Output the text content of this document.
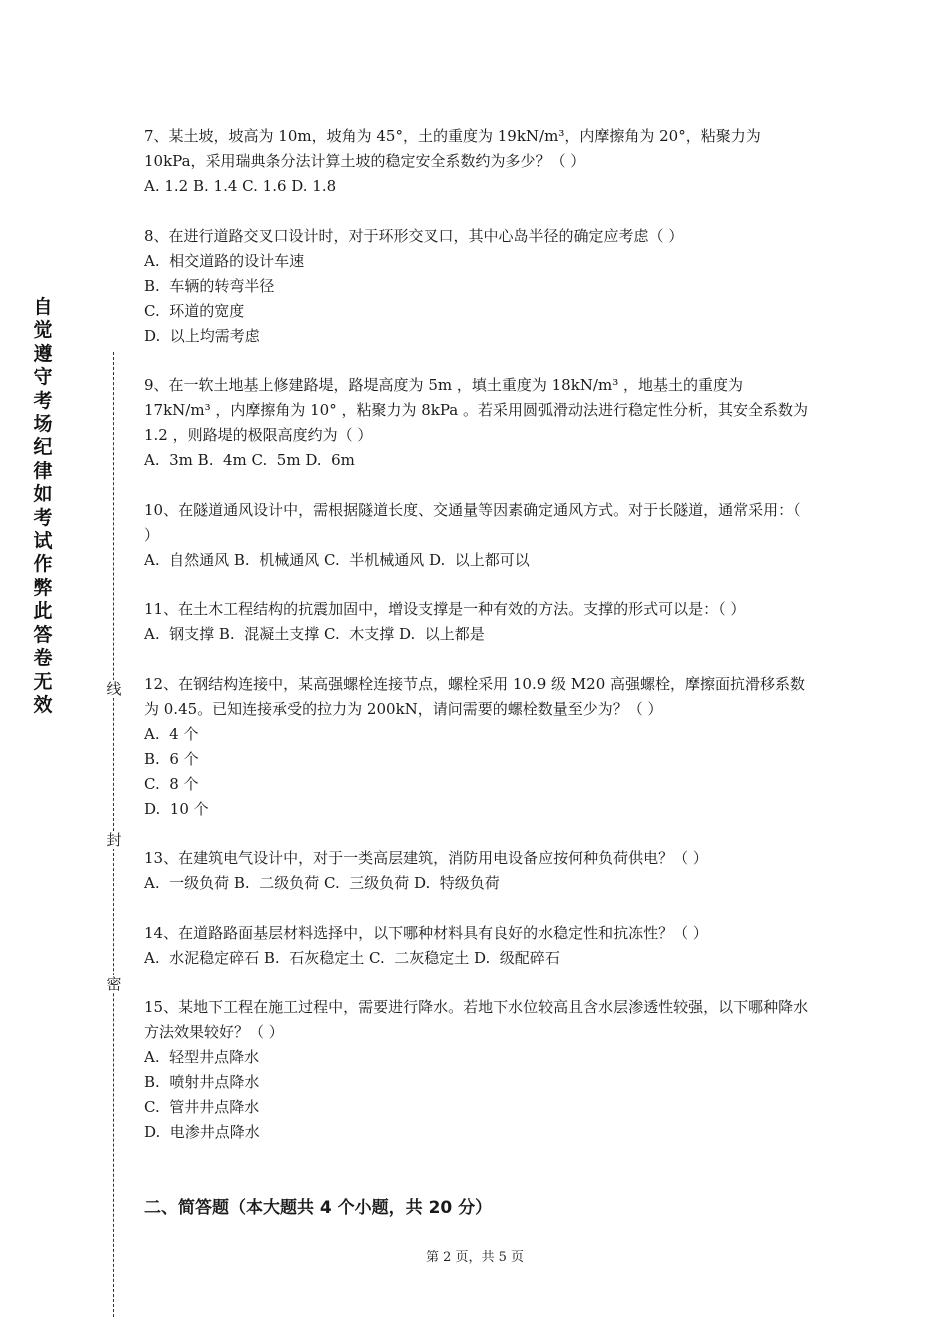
自觉遵守考场纪律如考试作弊此答卷无效
线
封
密

7、某土坡，坡高为 10m，坡角为 45°，土的重度为 19kN/m³，内摩擦角为 20°，粘聚力为 10kPa，采用瑞典条分法计算土坡的稳定安全系数约为多少？（ ）

A. 1.2 B. 1.4 C. 1.6 D. 1.8

8、在进行道路交叉口设计时，对于环形交叉口，其中心岛半径的确定应考虑（ ）

A.  相交道路的设计车速

B.  车辆的转弯半径

C.  环道的宽度

D.  以上均需考虑

9、在一软土地基上修建路堤，路堤高度为 5m ，填土重度为 18kN/m³ ，地基土的重度为 17kN/m³ ，内摩擦角为 10° ，粘聚力为 8kPa 。若采用圆弧滑动法进行稳定性分析，其安全系数为 1.2 ，则路堤的极限高度约为（ ）

A.  3m B.  4m C.  5m D.  6m

10、在隧道通风设计中，需根据隧道长度、交通量等因素确定通风方式。对于长隧道，通常采用：（ ）

A.  自然通风 B.  机械通风 C.  半机械通风 D.  以上都可以

11、在土木工程结构的抗震加固中，增设支撑是一种有效的方法。支撑的形式可以是：（ ）

A.  钢支撑 B.  混凝土支撑 C.  木支撑 D.  以上都是

12、在钢结构连接中，某高强螺栓连接节点，螺栓采用 10.9 级 M20 高强螺栓，摩擦面抗滑移系数为 0.45。已知连接承受的拉力为 200kN，请问需要的螺栓数量至少为？（ ）

A.  4 个

B.  6 个

C.  8 个

D.  10 个

13、在建筑电气设计中，对于一类高层建筑，消防用电设备应按何种负荷供电？（ ）

A.  一级负荷 B.  二级负荷 C.  三级负荷 D.  特级负荷

14、在道路路面基层材料选择中，以下哪种材料具有良好的水稳定性和抗冻性？（ ）

A.  水泥稳定碎石 B.  石灰稳定土 C.  二灰稳定土 D.  级配碎石

15、某地下工程在施工过程中，需要进行降水。若地下水位较高且含水层渗透性较强，以下哪种降水方法效果较好？（ ）

A.  轻型井点降水

B.  喷射井点降水

C.  管井井点降水

D.  电渗井点降水

二、简答题（本大题共 4 个小题，共 20 分）
第 2 页，共 5 页
